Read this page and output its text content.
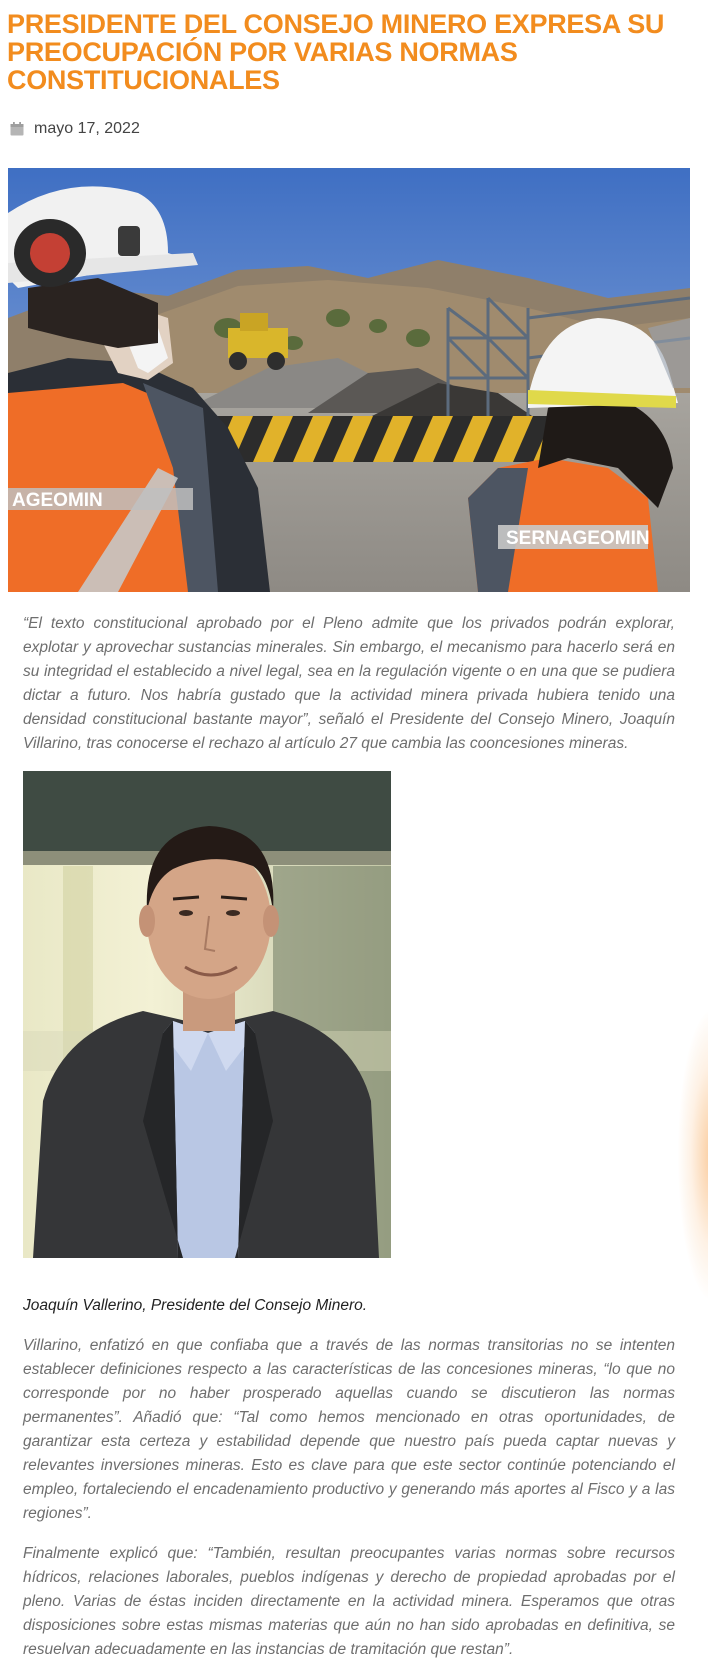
PRESIDENTE DEL CONSEJO MINERO EXPRESA SU PREOCUPACIÓN POR VARIAS NORMAS CONSTITUCIONALES
mayo 17, 2022
AGEOMIN
SERNAGEOMIN

“El texto constitucional aprobado por el Pleno admite que los privados podrán explorar, explotar y aprovechar sustancias minerales. Sin embargo, el mecanismo para hacerlo será en su integridad el establecido a nivel legal, sea en la regulación vigente o en una que se pudiera dictar a futuro. Nos habría gustado que la actividad minera privada hubiera tenido una densidad constitucional bastante mayor”, señaló el Presidente del Consejo Minero, Joaquín Villarino, tras conocerse el rechazo al artículo 27 que cambia las cooncesiones mineras.

Joaquín Vallerino, Presidente del Consejo Minero.

Villarino, enfatizó en que confiaba que a través de las normas transitorias no se intenten establecer definiciones respecto a las características de las concesiones mineras, “lo que no corresponde por no haber prosperado aquellas cuando se discutieron las normas permanentes”. Añadió que: “Tal como hemos mencionado en otras oportunidades, de garantizar esta certeza y estabilidad depende que nuestro país pueda captar nuevas y relevantes inversiones mineras. Esto es clave para que este sector continúe potenciando el empleo, fortaleciendo el encadenamiento productivo y generando más aportes al Fisco y a las regiones”.

Finalmente explicó que: “También, resultan preocupantes varias normas sobre recursos hídricos, relaciones laborales, pueblos indígenas y derecho de propiedad aprobadas por el pleno. Varias de éstas inciden directamente en la actividad minera. Esperamos que otras disposiciones sobre estas mismas materias que aún no han sido aprobadas en definitiva, se resuelvan adecuadamente en las instancias de tramitación que restan”.
